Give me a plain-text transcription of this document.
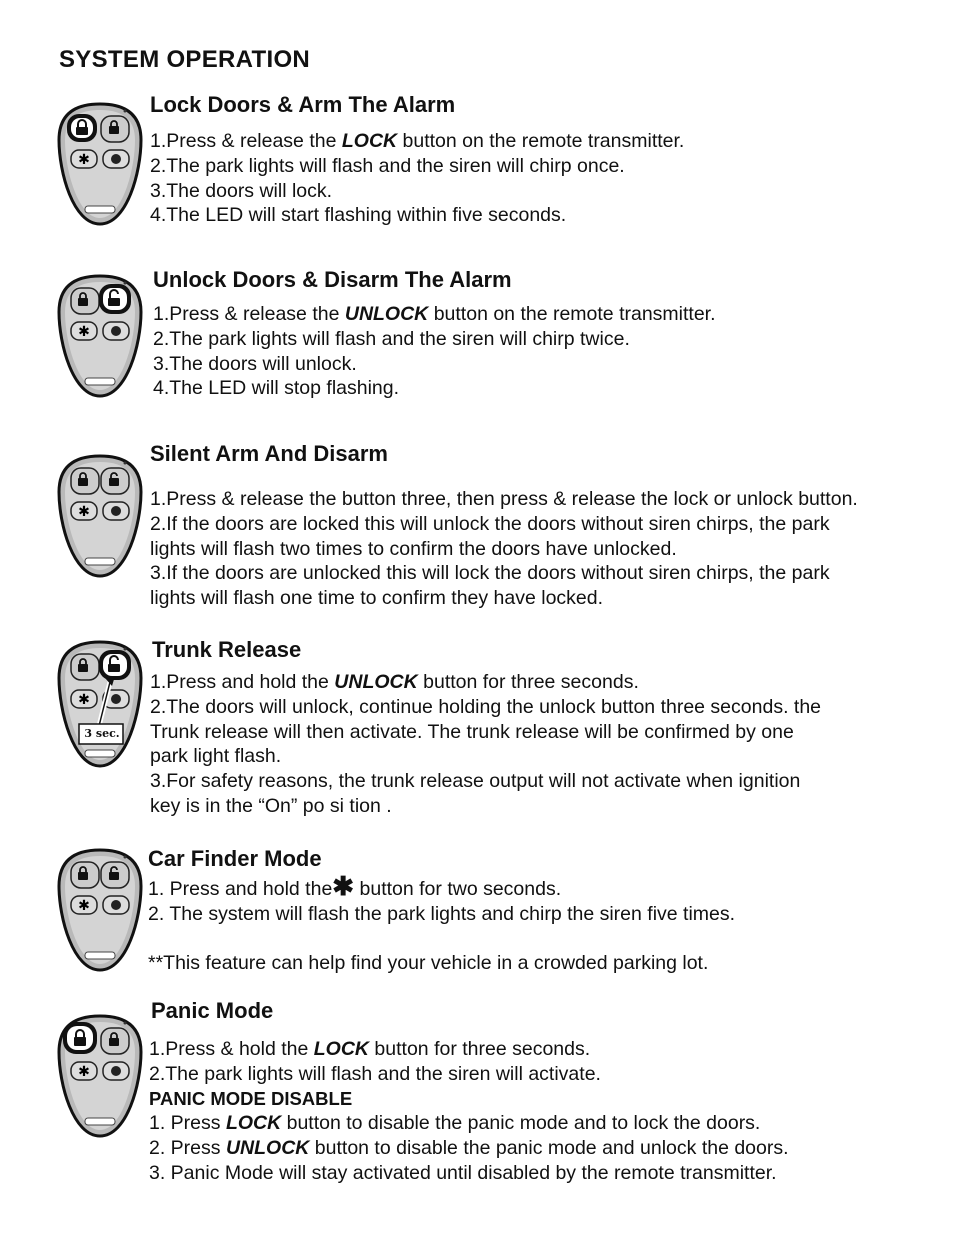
SYSTEM OPERATION
✱
Lock Doors & Arm The Alarm
1.Press & release the LOCK button on the remote transmitter.
2.The park lights will flash and the siren will chirp once.
3.The doors will lock.
4.The LED will start flashing within five seconds.
✱
Unlock Doors & Disarm The Alarm
1.Press & release the UNLOCK button on the remote transmitter.
2.The park lights will flash and the siren will chirp twice.
3.The doors will unlock.
4.The LED will stop flashing.
✱
Silent Arm And Disarm
1.Press & release the button three, then press & release the lock or unlock button.
2.If the doors are locked this will unlock the doors without siren chirps, the park
lights will flash two times to confirm the doors have unlocked.
3.If the doors are unlocked this will lock the doors without siren chirps, the park
lights will flash one time to confirm they have locked.
✱
3 sec.
Trunk Release
1.Press and hold the UNLOCK button for three seconds.
2.The doors will unlock, continue holding the unlock button three seconds. the
Trunk release will then activate. The trunk release will be confirmed by one
park light flash.
3.For safety reasons, the trunk release output will not activate when ignition
key is in the “On” po si tion .
✱
Car Finder Mode
1. Press and hold the✱ button for two seconds.
2. The system will flash the park lights and chirp the siren five times.
**This feature can help find your vehicle in a crowded parking lot.
✱
Panic Mode
1.Press & hold the LOCK button for three seconds.
2.The park lights will flash and the siren will activate.
PANIC MODE DISABLE
1. Press LOCK button to disable the panic mode and to lock the doors.
2. Press UNLOCK button to disable the panic mode and unlock the doors.
3. Panic Mode will stay activated until disabled by the remote transmitter.
